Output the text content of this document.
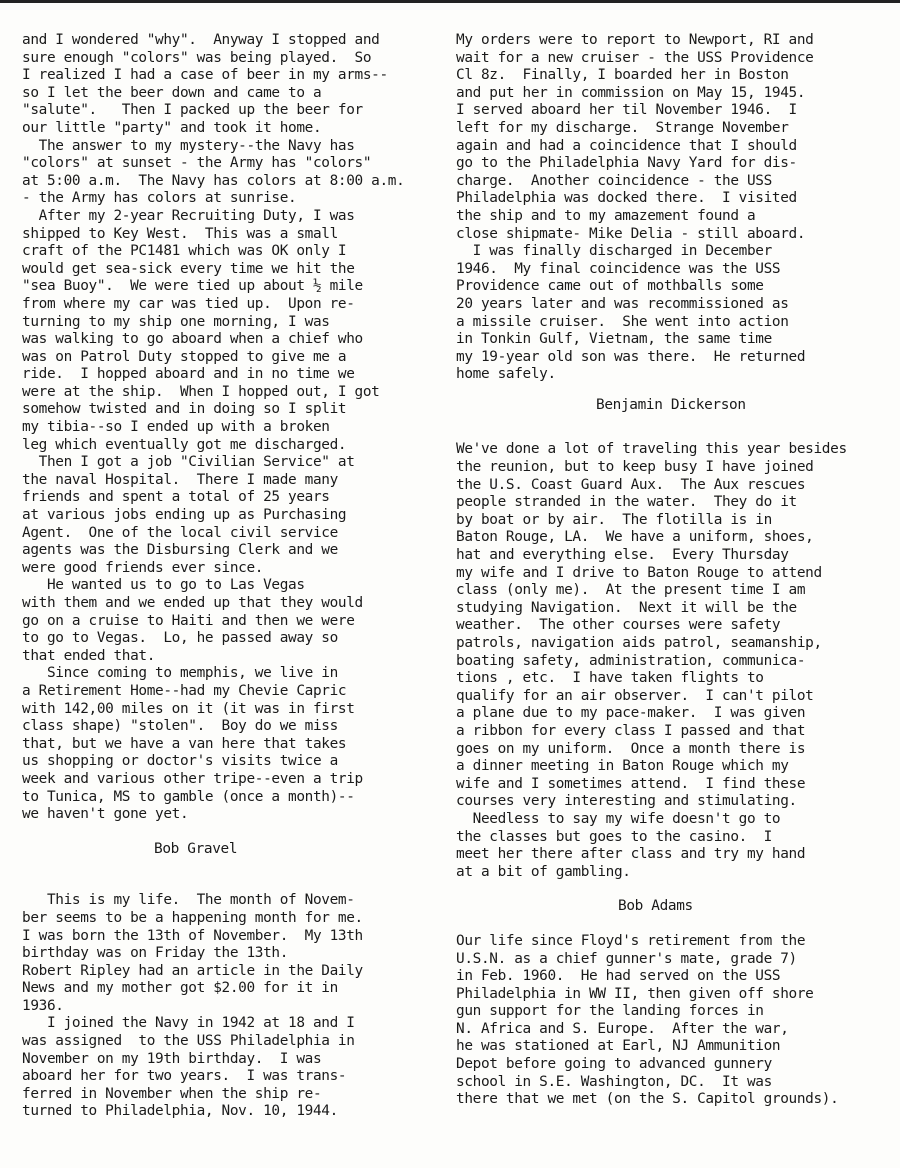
and I wondered "why".  Anyway I stopped and
sure enough "colors" was being played.  So
I realized I had a case of beer in my arms--
so I let the beer down and came to a
"salute".   Then I packed up the beer for
our little "party" and took it home.
The answer to my mystery--the Navy has
"colors" at sunset - the Army has "colors"
at 5:00 a.m.  The Navy has colors at 8:00 a.m.
- the Army has colors at sunrise.
After my 2-year Recruiting Duty, I was
shipped to Key West.  This was a small
craft of the PC1481 which was OK only I
would get sea-sick every time we hit the
"sea Buoy".  We were tied up about ½ mile
from where my car was tied up.  Upon re-
turning to my ship one morning, I was
was walking to go aboard when a chief who
was on Patrol Duty stopped to give me a
ride.  I hopped aboard and in no time we
were at the ship.  When I hopped out, I got
somehow twisted and in doing so I split
my tibia--so I ended up with a broken
leg which eventually got me discharged.
Then I got a job "Civilian Service" at
the naval Hospital.  There I made many
friends and spent a total of 25 years
at various jobs ending up as Purchasing
Agent.  One of the local civil service
agents was the Disbursing Clerk and we
were good friends ever since.
He wanted us to go to Las Vegas
with them and we ended up that they would
go on a cruise to Haiti and then we were
to go to Vegas.  Lo, he passed away so
that ended that.
Since coming to memphis, we live in
a Retirement Home--had my Chevie Capric
with 142,00 miles on it (it was in first
class shape) "stolen".  Boy do we miss
that, but we have a van here that takes
us shopping or doctor's visits twice a
week and various other tripe--even a trip
to Tunica, MS to gamble (once a month)--
we haven't gone yet.
Bob Gravel
This is my life.  The month of Novem-
ber seems to be a happening month for me.
I was born the 13th of November.  My 13th
birthday was on Friday the 13th.
Robert Ripley had an article in the Daily
News and my mother got $2.00 for it in
1936.
I joined the Navy in 1942 at 18 and I
was assigned  to the USS Philadelphia in
November on my 19th birthday.  I was
aboard her for two years.  I was trans-
ferred in November when the ship re-
turned to Philadelphia, Nov. 10, 1944.
My orders were to report to Newport, RI and
wait for a new cruiser - the USS Providence
Cl 8z.  Finally, I boarded her in Boston
and put her in commission on May 15, 1945.
I served aboard her til November 1946.  I
left for my discharge.  Strange November
again and had a coincidence that I should
go to the Philadelphia Navy Yard for dis-
charge.  Another coincidence - the USS
Philadelphia was docked there.  I visited
the ship and to my amazement found a
close shipmate- Mike Delia - still aboard.
I was finally discharged in December
1946.  My final coincidence was the USS
Providence came out of mothballs some
20 years later and was recommissioned as
a missile cruiser.  She went into action
in Tonkin Gulf, Vietnam, the same time
my 19-year old son was there.  He returned
home safely.
Benjamin Dickerson
We've done a lot of traveling this year besides
the reunion, but to keep busy I have joined
the U.S. Coast Guard Aux.  The Aux rescues
people stranded in the water.  They do it
by boat or by air.  The flotilla is in
Baton Rouge, LA.  We have a uniform, shoes,
hat and everything else.  Every Thursday
my wife and I drive to Baton Rouge to attend
class (only me).  At the present time I am
studying Navigation.  Next it will be the
weather.  The other courses were safety
patrols, navigation aids patrol, seamanship,
boating safety, administration, communica-
tions , etc.  I have taken flights to
qualify for an air observer.  I can't pilot
a plane due to my pace-maker.  I was given
a ribbon for every class I passed and that
goes on my uniform.  Once a month there is
a dinner meeting in Baton Rouge which my
wife and I sometimes attend.  I find these
courses very interesting and stimulating.
Needless to say my wife doesn't go to
the classes but goes to the casino.  I
meet her there after class and try my hand
at a bit of gambling.
Bob Adams
Our life since Floyd's retirement from the
U.S.N. as a chief gunner's mate, grade 7)
in Feb. 1960.  He had served on the USS
Philadelphia in WW II, then given off shore
gun support for the landing forces in
N. Africa and S. Europe.  After the war,
he was stationed at Earl, NJ Ammunition
Depot before going to advanced gunnery
school in S.E. Washington, DC.  It was
there that we met (on the S. Capitol grounds).
